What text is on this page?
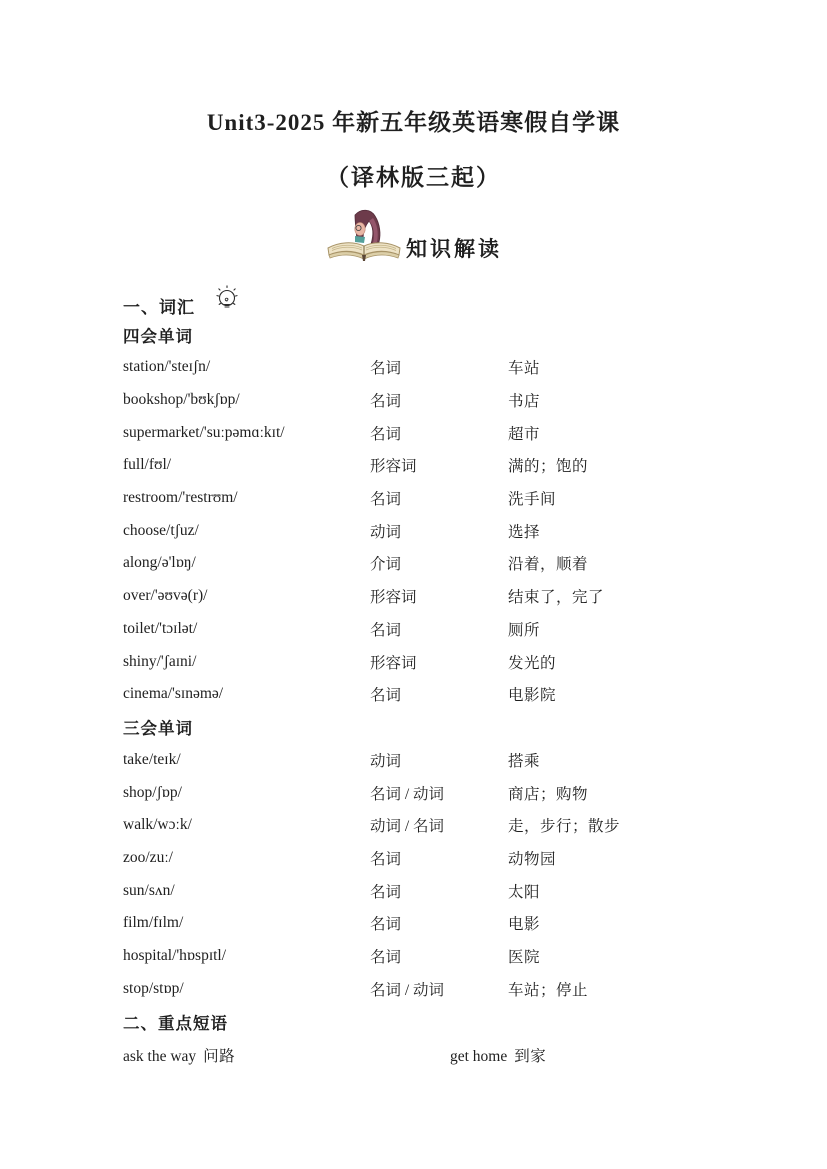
Unit3-2025 年新五年级英语寒假自学课
（译林版三起）
知识解读
一、词汇
四会单词
station/'steɪʃn/	名词	车站
bookshop/'bʊkʃɒp/	名词	书店
supermarket/'suːpəmɑːkɪt/	名词	超市
full/fʊl/	形容词	满的；饱的
restroom/'restrʊm/	名词	洗手间
choose/tʃuz/	动词	选择
along/ə'lɒŋ/	介词	沿着，顺着
over/'əʊvə(r)/	形容词	结束了，完了
toilet/'tɔɪlət/	名词	厕所
shiny/'ʃaɪni/	形容词	发光的
cinema/'sɪnəmə/	名词	电影院
三会单词
take/teɪk/	动词	搭乘
shop/ʃɒp/	名词 / 动词	商店；购物
walk/wɔːk/	动词 / 名词	走，步行；散步
zoo/zuː/	名词	动物园
sun/sʌn/	名词	太阳
film/fɪlm/	名词	电影
hospital/'hɒspɪtl/	名词	医院
stop/stɒp/	名词 / 动词	车站；停止
二、重点短语
ask the way 问路	get home 到家
